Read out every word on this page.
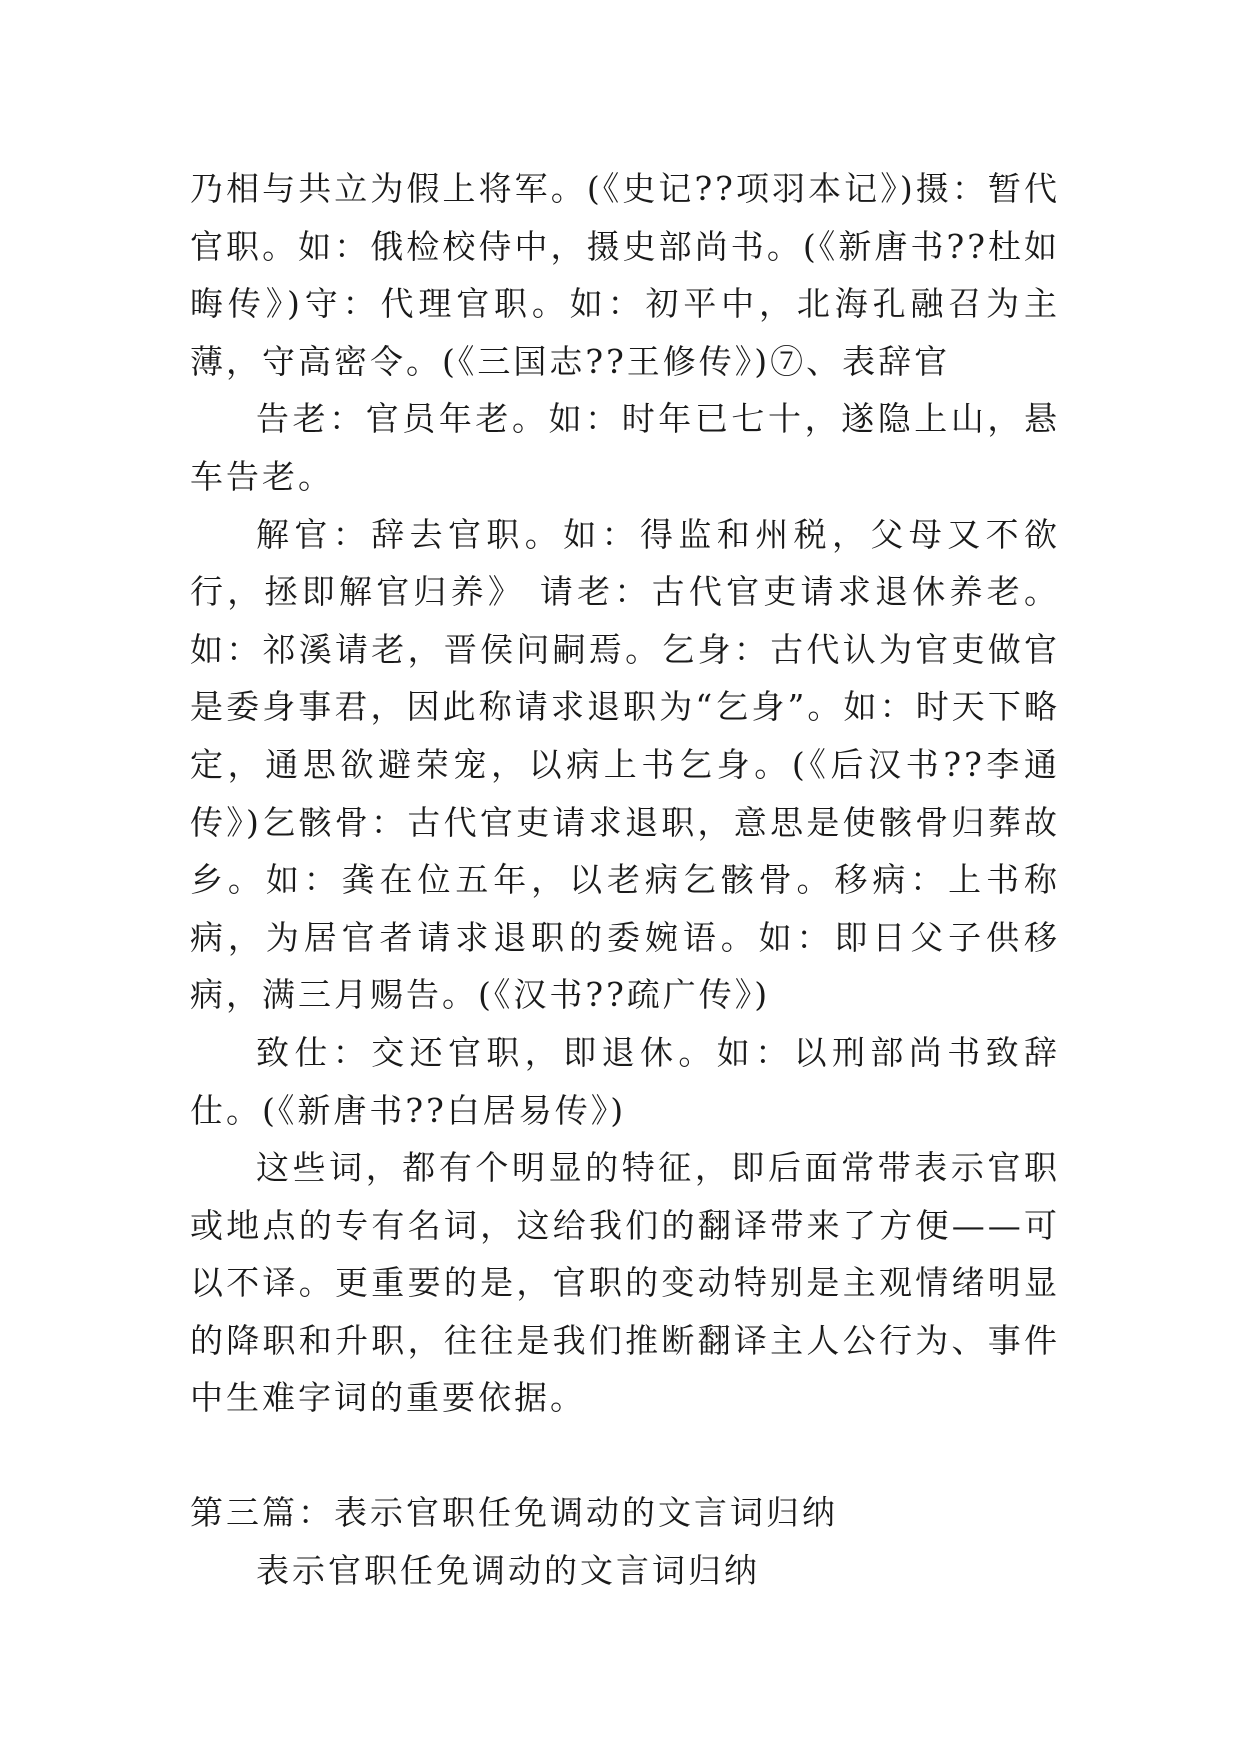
乃相与共立为假上将军。(《史记??项羽本记》)摄：暂代官职。如：俄检校侍中，摄史部尚书。(《新唐书??杜如晦传》)守：代理官职。如：初平中，北海孔融召为主薄，守高密令。(《三国志??王修传》)⑦、表辞官

告老：官员年老。如：时年已七十，遂隐上山，悬车告老。

解官：辞去官职。如：得监和州税，父母又不欲行，拯即解官归养》 请老：古代官吏请求退休养老。如：祁溪请老，晋侯问嗣焉。乞身：古代认为官吏做官是委身事君，因此称请求退职为“乞身”。如：时天下略定，通思欲避荣宠，以病上书乞身。(《后汉书??李通传》)乞骸骨：古代官吏请求退职，意思是使骸骨归葬故乡。如：龚在位五年，以老病乞骸骨。移病：上书称病，为居官者请求退职的委婉语。如：即日父子供移病，满三月赐告。(《汉书??疏广传》)

致仕：交还官职，即退休。如：以刑部尚书致辞仕。(《新唐书??白居易传》)

这些词，都有个明显的特征，即后面常带表示官职或地点的专有名词，这给我们的翻译带来了方便——可以不译。更重要的是，官职的变动特别是主观情绪明显的降职和升职，往往是我们推断翻译主人公行为、事件中生难字词的重要依据。

第三篇：表示官职任免调动的文言词归纳

表示官职任免调动的文言词归纳
